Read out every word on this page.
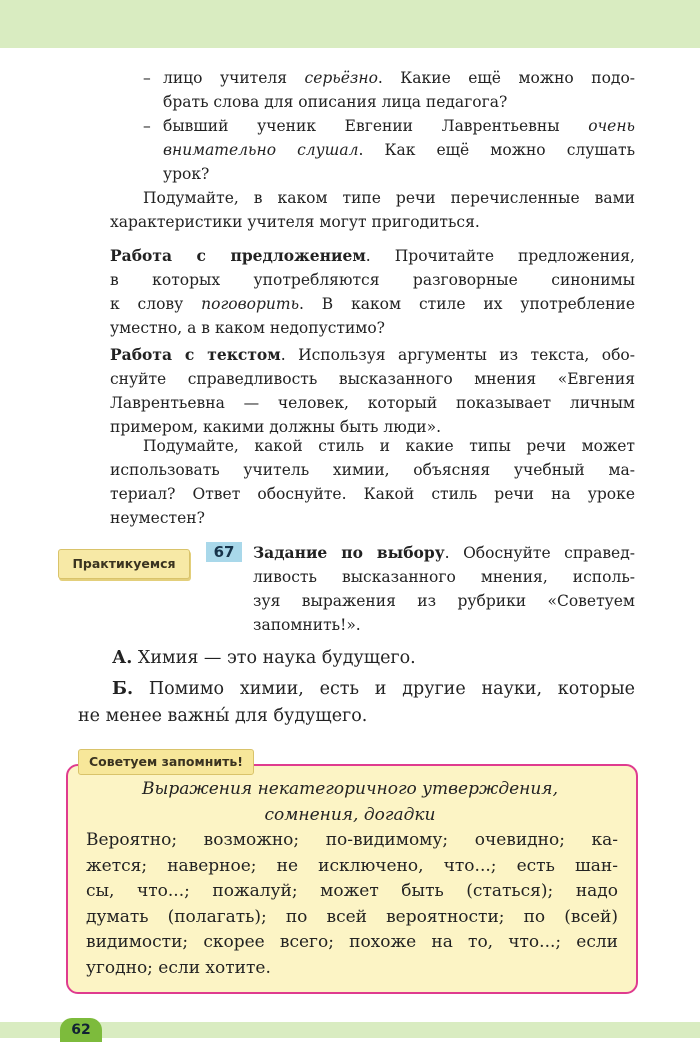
– лицо учителя серьёзно. Какие ещё можно подо-
брать слова для описания лица педагога?
– бывший ученик Евгении Лаврентьевны очень
внимательно слушал. Как ещё можно слушать
урок?
Подумайте, в каком типе речи перечисленные вами
характеристики учителя могут пригодиться.
Работа с предложением. Прочитайте предложения,
в которых употребляются разговорные синонимы
к слову поговорить. В каком стиле их употребление
уместно, а в каком недопустимо?
Работа с текстом. Используя аргументы из текста, обо-
снуйте справедливость высказанного мнения «Евгения
Лаврентьевна — человек, который показывает личным
примером, какими должны быть люди».
Подумайте, какой стиль и какие типы речи может
использовать учитель химии, объясняя учебный ма-
териал? Ответ обоснуйте. Какой стиль речи на уроке
неуместен?
Практикуемся
67	Задание по выбору. Обоснуйте справед-
ливость высказанного мнения, исполь-
зуя выражения из рубрики «Советуем
запомнить!».
А. Химия — это наука будущего.
Б. Помимо химии, есть и другие науки, которые
не менее важны́ для будущего.
Советуем запомнить!
Выражения некатегоричного утверждения,
сомнения, догадки
Вероятно; возможно; по-видимому; очевидно; ка-
жется; наверное; не исключено, что...; есть шан-
сы, что...; пожалуй; может быть (статься); надо
думать (полагать); по всей вероятности; по (всей)
видимости; скорее всего; похоже на то, что...; если
угодно; если хотите.
62
